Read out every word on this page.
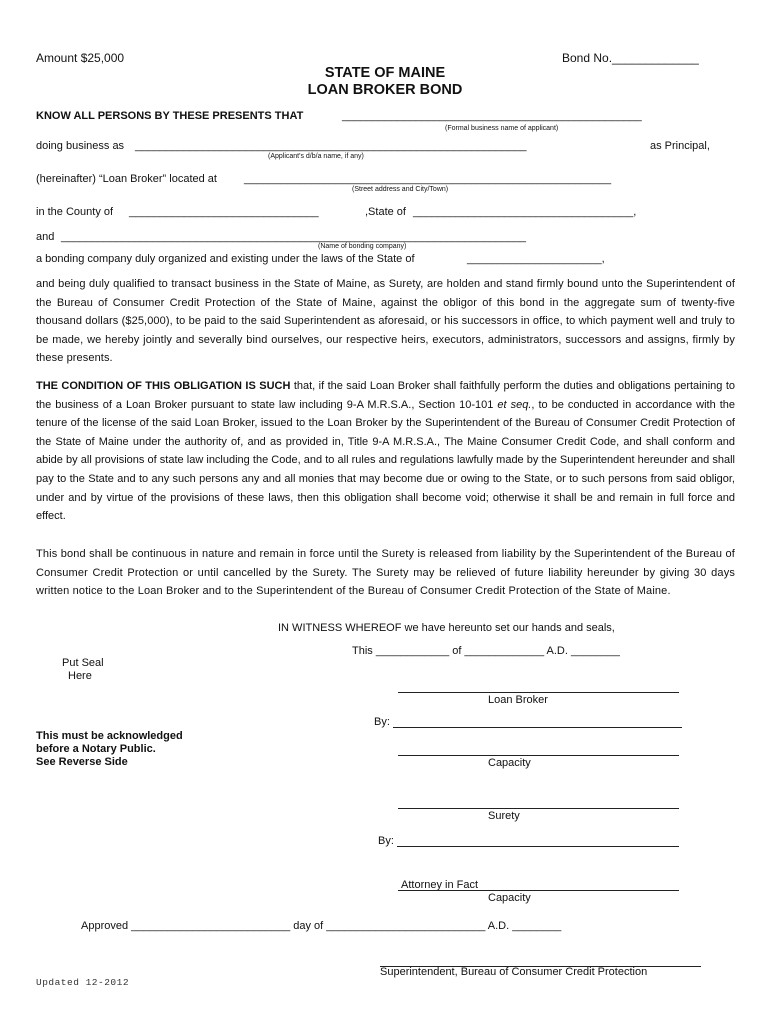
Amount $25,000	Bond No._____________
STATE OF MAINE
LOAN BROKER BOND
KNOW ALL PERSONS BY THESE PRESENTS THAT	_________________________________________________
(Formal business name of applicant)
doing business as ________________________________________________________________	as Principal,
(Applicant's d/b/a name, if any)
(hereinafter) “Loan Broker” located at ____________________________________________________________
(Street address and City/Town)
in the County of _______________________________	,State of ____________________________________,
and ____________________________________________________________________________
(Name of bonding company)
a bonding company duly organized and existing under the laws of the State of	______________________,
and being duly qualified to transact business in the State of Maine, as Surety, are holden and stand firmly bound unto the Superintendent of the Bureau of Consumer Credit Protection of the State of Maine, against the obligor of this bond in the aggregate sum of twenty-five thousand dollars ($25,000), to be paid to the said Superintendent as aforesaid, or his successors in office, to which payment well and truly to be made, we hereby jointly and severally bind ourselves, our respective heirs, executors, administrators, successors and assigns, firmly by these presents.
THE CONDITION OF THIS OBLIGATION IS SUCH that, if the said Loan Broker shall faithfully perform the duties and obligations pertaining to the business of a Loan Broker pursuant to state law including 9-A M.R.S.A., Section 10-101 et seq., to be conducted in accordance with the tenure of the license of the said Loan Broker, issued to the Loan Broker by the Superintendent of the Bureau of Consumer Credit Protection of the State of Maine under the authority of, and as provided in, Title 9-A M.R.S.A., The Maine Consumer Credit Code, and shall conform and abide by all provisions of state law including the Code, and to all rules and regulations lawfully made by the Superintendent hereunder and shall pay to the State and to any such persons any and all monies that may become due or owing to the State, or to such persons from said obligor, under and by virtue of the provisions of these laws, then this obligation shall become void; otherwise it shall be and remain in full force and effect.
This bond shall be continuous in nature and remain in force until the Surety is released from liability by the Superintendent of the Bureau of Consumer Credit Protection or until cancelled by the Surety. The Surety may be relieved of future liability hereunder by giving 30 days written notice to the Loan Broker and to the Superintendent of the Bureau of Consumer Credit Protection of the State of Maine.
IN WITNESS WHEREOF we have hereunto set our hands and seals,
This ____________ of _____________ A.D. ________
Put Seal
Here
This must be acknowledged
before a Notary Public.
See Reverse Side
Loan Broker
By:
Capacity
Surety
By:
Attorney in Fact
Capacity
Approved __________________________ day of __________________________ A.D. ________
Superintendent, Bureau of Consumer Credit Protection
Updated 12-2012
